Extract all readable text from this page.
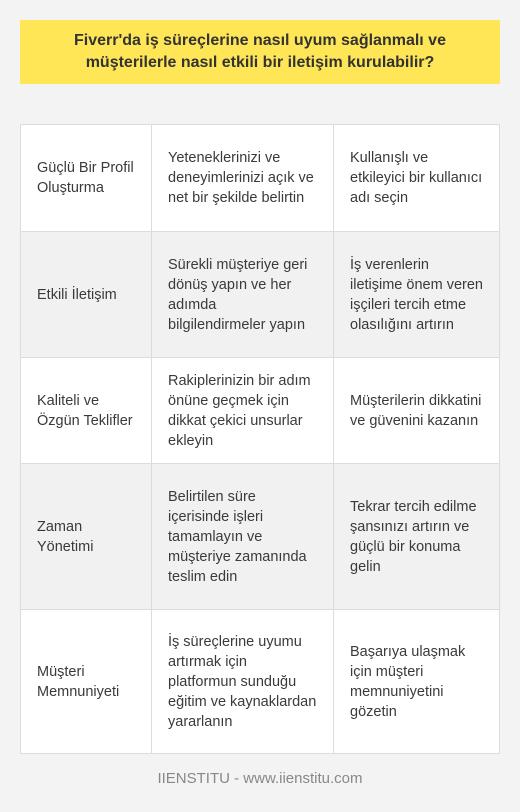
Fiverr'da iş süreçlerine nasıl uyum sağlanmalı ve
müşterilerle nasıl etkili bir iletişim kurulabilir?
Güçlü Bir Profil Oluşturma
Yeteneklerinizi ve deneyimlerinizi açık ve net bir şekilde belirtin
Kullanışlı ve etkileyici bir kullanıcı adı seçin
Etkili İletişim
Sürekli müşteriye geri dönüş yapın ve her adımda bilgilendirmeler yapın
İş verenlerin iletişime önem veren işçileri tercih etme olasılığını artırın
Kaliteli ve Özgün Teklifler
Rakiplerinizin bir adım önüne geçmek için dikkat çekici unsurlar ekleyin
Müşterilerin dikkatini ve güvenini kazanın
Zaman Yönetimi
Belirtilen süre içerisinde işleri tamamlayın ve müşteriye zamanında teslim edin
Tekrar tercih edilme şansınızı artırın ve güçlü bir konuma gelin
Müşteri Memnuniyeti
İş süreçlerine uyumu artırmak için platformun sunduğu eğitim ve kaynaklardan yararlanın
Başarıya ulaşmak için müşteri memnuniyetini gözetin
IIENSTITU - www.iienstitu.com
